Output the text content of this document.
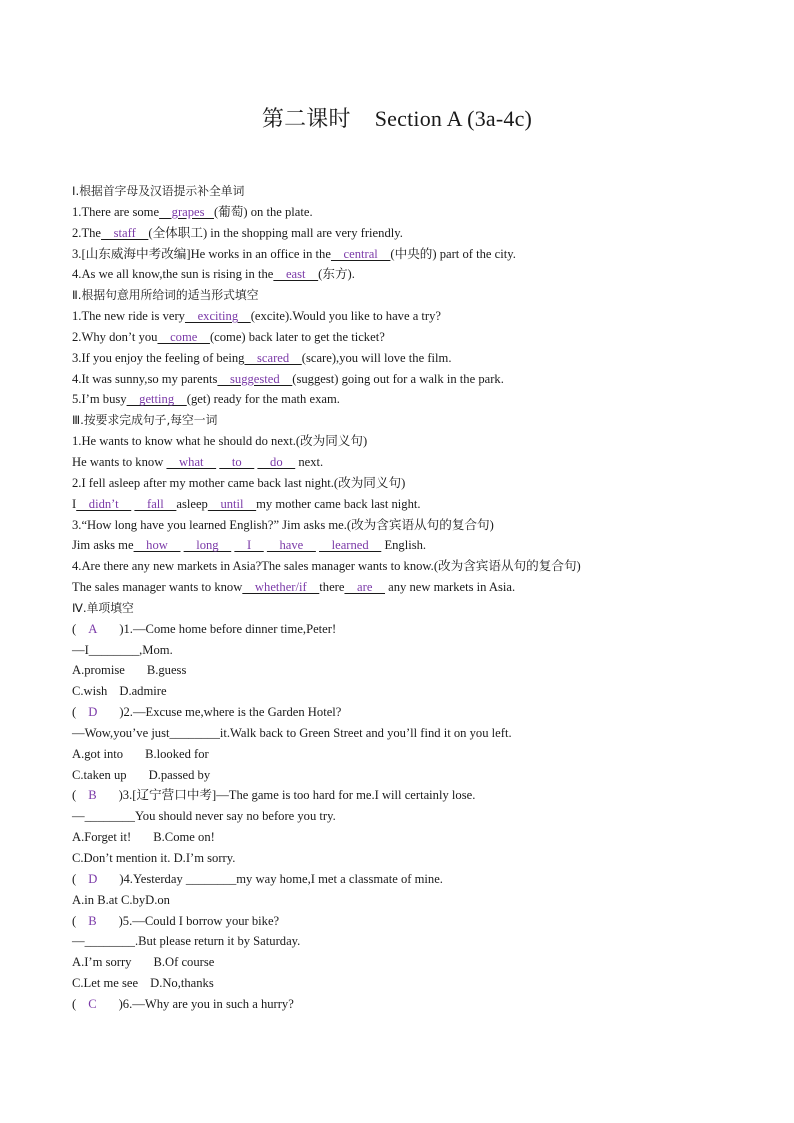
第二课时 Section A (3a-4c)
Ⅰ.根据首字母及汉语提示补全单词
1.There are some    grapes   (葡萄) on the plate.
2.The    staff    (全体职工) in the shopping mall are very friendly.
3.[山东威海中考改编]He works in an office in the    central    (中央的) part of the city.
4.As we all know,the sun is rising in the    east    (东方).
Ⅱ.根据句意用所给词的适当形式填空
1.The new ride is very    exciting    (excite).Would you like to have a try?
2.Why don’t you    come    (come) back later to get the ticket?
3.If you enjoy the feeling of being    scared    (scare),you will love the film.
4.It was sunny,so my parents    suggested    (suggest) going out for a walk in the park.
5.I’m busy    getting    (get) ready for the math exam.
Ⅲ.按要求完成句子,每空一词
1.He wants to know what he should do next.(改为同义句)
He wants to know     what         to         do     next.
2.I fell asleep after my mother came back last night.(改为同义句)
I    didn’t         fall    asleep    until    my mother came back last night.
3.“How long have you learned English?” Jim asks me.(改为含宾语从句的复合句)
Jim asks me    how         long         I         have         learned     English.
4.Are there any new markets in Asia?The sales manager wants to know.(改为含宾语从句的复合句)
The sales manager wants to know    whether/if    there    are     any new markets in Asia.
Ⅳ.单项填空
( A )1.—Come home before dinner time,Peter!
—I________,Mom.
A.promise B.guess
C.wish D.admire
( D )2.—Excuse me,where is the Garden Hotel?
—Wow,you’ve just________it.Walk back to Green Street and you’ll find it on you left.
A.got into B.looked for
C.taken up D.passed by
( B )3.[辽宁营口中考]—The game is too hard for me.I will certainly lose.
—________You should never say no before you try.
A.Forget it! B.Come on!
C.Don’t mention it. D.I’m sorry.
( D )4.Yesterday ________my way home,I met a classmate of mine.
A.in B.at C.byD.on
( B )5.—Could I borrow your bike?
—________.But please return it by Saturday.
A.I’m sorry B.Of course
C.Let me see D.No,thanks
( C )6.—Why are you in such a hurry?
